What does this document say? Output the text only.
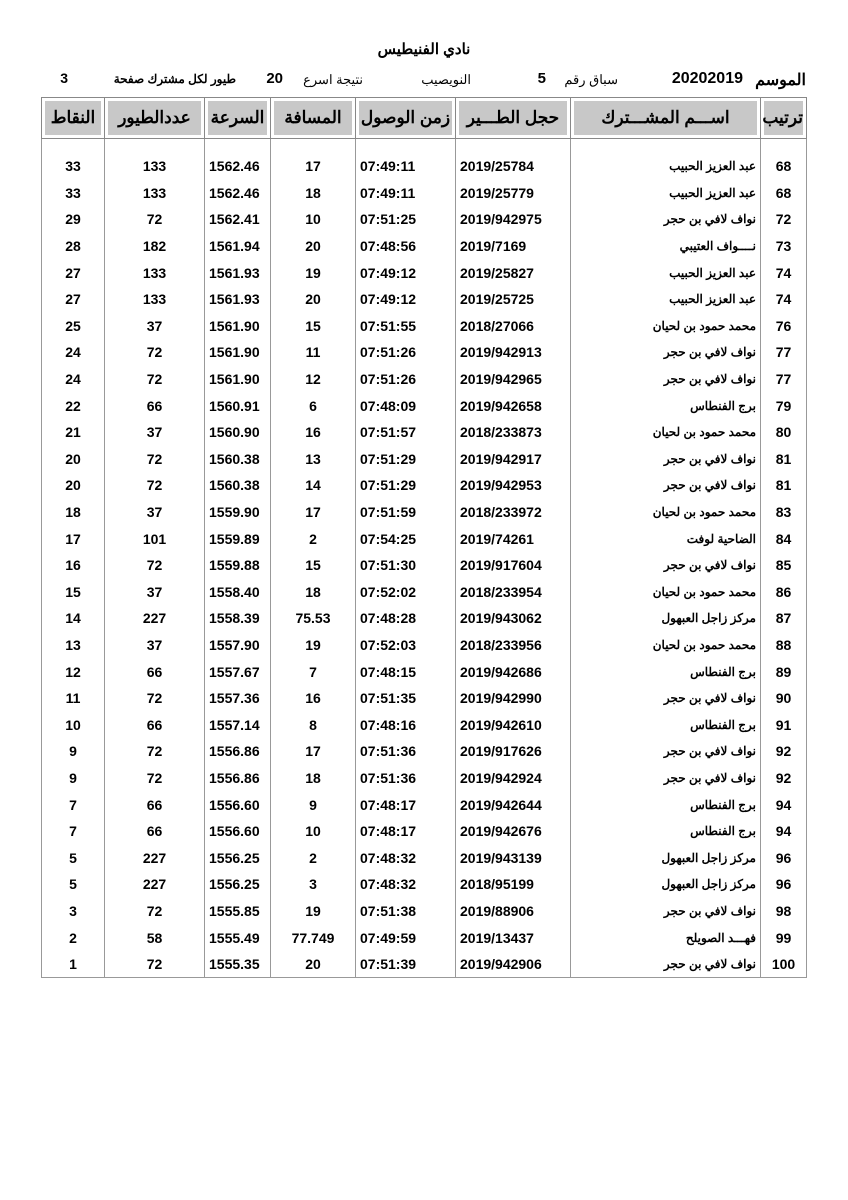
نادي الفنيطيس
الموسم
20202019
سباق رقم
5
النويصيب
نتيجة اسرع
20
طيور لكل مشترك صفحة
3
ترتيب	اســـم المشـــترك	حجل الطـــير	زمن الوصول	المسافة	السرعة	عددالطيور	النقاط
68	عبد العزيز الحبيب	2019/25784	07:49:11	17	1562.46	133	33
68	عبد العزيز الحبيب	2019/25779	07:49:11	18	1562.46	133	33
72	نواف لافي بن حجر	2019/942975	07:51:25	10	1562.41	72	29
73	نــــواف العتيبي	2019/7169	07:48:56	20	1561.94	182	28
74	عبد العزيز الحبيب	2019/25827	07:49:12	19	1561.93	133	27
74	عبد العزيز الحبيب	2019/25725	07:49:12	20	1561.93	133	27
76	محمد حمود بن لحيان	2018/27066	07:51:55	15	1561.90	37	25
77	نواف لافي بن حجر	2019/942913	07:51:26	11	1561.90	72	24
77	نواف لافي بن حجر	2019/942965	07:51:26	12	1561.90	72	24
79	برج الفنطاس	2019/942658	07:48:09	6	1560.91	66	22
80	محمد حمود بن لحيان	2018/233873	07:51:57	16	1560.90	37	21
81	نواف لافي بن حجر	2019/942917	07:51:29	13	1560.38	72	20
81	نواف لافي بن حجر	2019/942953	07:51:29	14	1560.38	72	20
83	محمد حمود بن لحيان	2018/233972	07:51:59	17	1559.90	37	18
84	الضاحية لوفت	2019/74261	07:54:25	2	1559.89	101	17
85	نواف لافي بن حجر	2019/917604	07:51:30	15	1559.88	72	16
86	محمد حمود بن لحيان	2018/233954	07:52:02	18	1558.40	37	15
87	مركز زاجل العبهول	2019/943062	07:48:28	75.53	1558.39	227	14
88	محمد حمود بن لحيان	2018/233956	07:52:03	19	1557.90	37	13
89	برج الفنطاس	2019/942686	07:48:15	7	1557.67	66	12
90	نواف لافي بن حجر	2019/942990	07:51:35	16	1557.36	72	11
91	برج الفنطاس	2019/942610	07:48:16	8	1557.14	66	10
92	نواف لافي بن حجر	2019/917626	07:51:36	17	1556.86	72	9
92	نواف لافي بن حجر	2019/942924	07:51:36	18	1556.86	72	9
94	برج الفنطاس	2019/942644	07:48:17	9	1556.60	66	7
94	برج الفنطاس	2019/942676	07:48:17	10	1556.60	66	7
96	مركز زاجل العبهول	2019/943139	07:48:32	2	1556.25	227	5
96	مركز زاجل العبهول	2018/95199	07:48:32	3	1556.25	227	5
98	نواف لافي بن حجر	2019/88906	07:51:38	19	1555.85	72	3
99	فهـــد الصويلح	2019/13437	07:49:59	77.749	1555.49	58	2
100	نواف لافي بن حجر	2019/942906	07:51:39	20	1555.35	72	1
